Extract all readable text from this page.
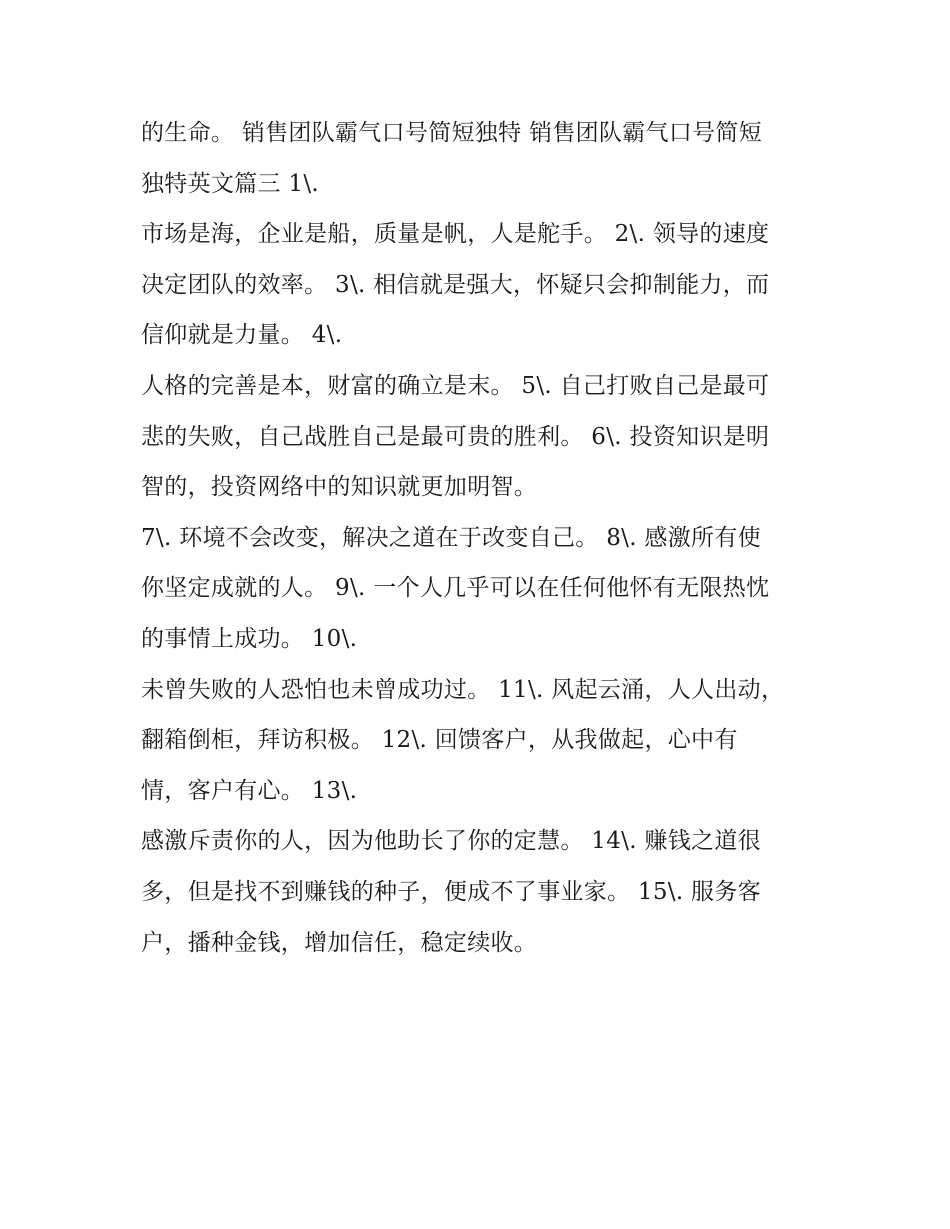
的生命。 销售团队霸气口号简短独特 销售团队霸气口号简短
独特英文篇三 1\.
市场是海，企业是船，质量是帆，人是舵手。 2\. 领导的速度
决定团队的效率。 3\. 相信就是强大，怀疑只会抑制能力，而
信仰就是力量。 4\.
人格的完善是本，财富的确立是末。 5\. 自己打败自己是最可
悲的失败，自己战胜自己是最可贵的胜利。 6\. 投资知识是明
智的，投资网络中的知识就更加明智。
7\. 环境不会改变，解决之道在于改变自己。 8\. 感激所有使
你坚定成就的人。 9\. 一个人几乎可以在任何他怀有无限热忱
的事情上成功。 10\.
未曾失败的人恐怕也未曾成功过。 11\. 风起云涌，人人出动，
翻箱倒柜，拜访积极。 12\. 回馈客户，从我做起，心中有
情，客户有心。 13\.
感激斥责你的人，因为他助长了你的定慧。 14\. 赚钱之道很
多，但是找不到赚钱的种子，便成不了事业家。 15\. 服务客
户，播种金钱，增加信任，稳定续收。
